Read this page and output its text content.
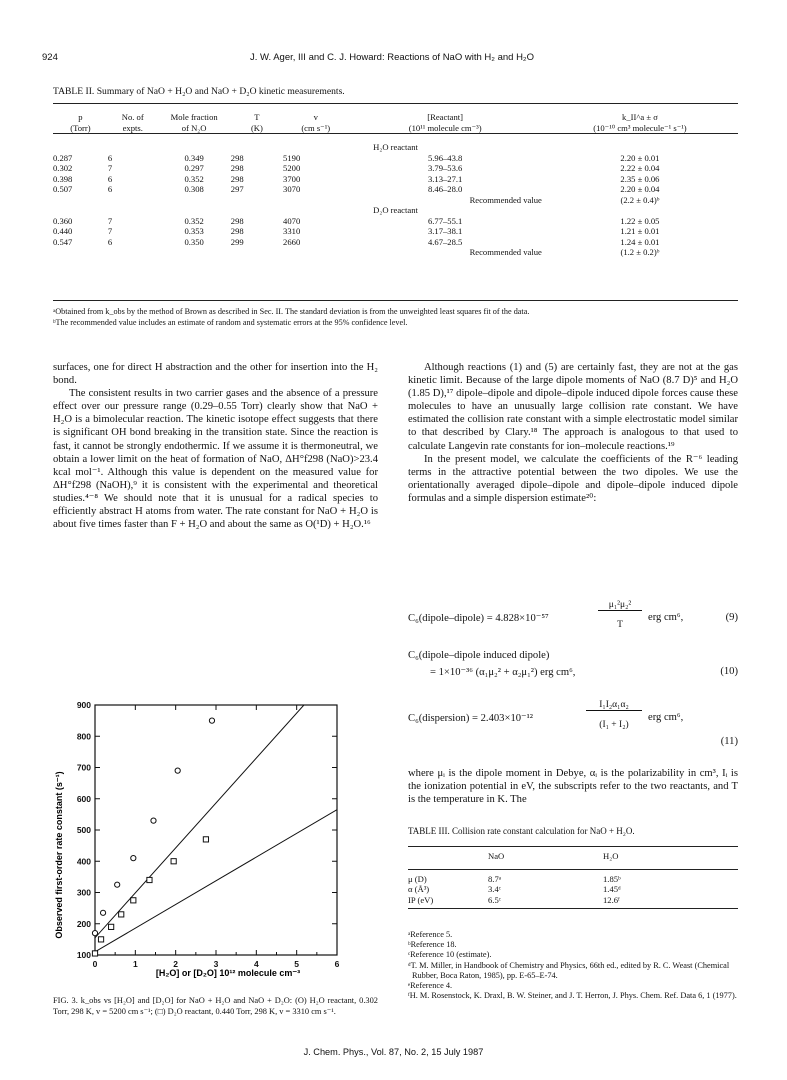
924	J. W. Ager, III and C. J. Howard: Reactions of NaO with H₂ and H₂O
TABLE II. Summary of NaO + H₂O and NaO + D₂O kinetic measurements.
p	No. of	Mole fraction	T	v	[Reactant]	k_II^a ± σ
(Torr)	expts.	of N₂O	(K)	(cm s⁻¹)	(10¹¹ molecule cm⁻³)	(10⁻¹⁰ cm³ molecule⁻¹ s⁻¹)

H₂O reactant						
0.287	6	0.349	298	5190	5.96–43.8	2.20 ± 0.01
0.302	7	0.297	298	5200	3.79–53.6	2.22 ± 0.04
0.398	6	0.352	298	3700	3.13–27.1	2.35 ± 0.06
0.507	6	0.308	297	3070	8.46–28.0	2.20 ± 0.04
					Recommended value	(2.2 ± 0.4)ᵇ
D₂O reactant						
0.360	7	0.352	298	4070	6.77–55.1	1.22 ± 0.05
0.440	7	0.353	298	3310	3.17–38.1	1.21 ± 0.01
0.547	6	0.350	299	2660	4.67–28.5	1.24 ± 0.01
					Recommended value	(1.2 ± 0.2)ᵇ
ᵃObtained from k_obs by the method of Brown as described in Sec. II. The standard deviation is from the unweighted least squares fit of the data.
ᵇThe recommended value includes an estimate of random and systematic errors at the 95% confidence level.

surfaces, one for direct H abstraction and the other for insertion into the H₂ bond.

The consistent results in two carrier gases and the absence of a pressure effect over our pressure range (0.29–0.55 Torr) clearly show that NaO + H₂O is a bimolecular reaction. The kinetic isotope effect suggests that there is significant OH bond breaking in the transition state. Since the reaction is fast, it cannot be strongly endothermic. If we assume it is thermoneutral, we obtain a lower limit on the heat of formation of NaO, ΔH°f298 (NaO)>23.4 kcal mol⁻¹. Although this value is dependent on the measured value for ΔH°f298 (NaOH),⁹ it is consistent with the experimental and theoretical studies.⁴⁻⁸ We should note that it is unusual for a radical species to efficiently abstract H atoms from water. The rate constant for NaO + H₂O is about five times faster than F + H₂O and about the same as O(¹D) + H₂O.¹⁶

Observed first-order rate constant (s⁻¹)
[H₂O] or [D₂O] 10¹² molecule cm⁻³
0	1	2	3	4	5	6
100
200
300
400
500
600
700
800
900
FIG. 3. k_obs vs [H₂O] and [D₂O] for NaO + H₂O and NaO + D₂O: (O) H₂O reactant, 0.302 Torr, 298 K, v = 5200 cm s⁻¹; (□) D₂O reactant, 0.440 Torr, 298 K, v = 3310 cm s⁻¹.

Although reactions (1) and (5) are certainly fast, they are not at the gas kinetic limit. Because of the large dipole moments of NaO (8.7 D)⁵ and H₂O (1.85 D),¹⁷ dipole–dipole and dipole–dipole induced dipole forces cause these molecules to have an unusually large collision rate constant. We have estimated the collision rate constant with a simple electrostatic model similar to that described by Clary.¹⁸ The approach is analogous to that used to calculate Langevin rate constants for ion–molecule reactions.¹⁹

In the present model, we calculate the coefficients of the R⁻⁶ leading terms in the attractive potential between the two dipoles. We use the orientationally averaged dipole–dipole and dipole–dipole induced dipole formulas and a simple dispersion estimate²⁰:

C₆(dipole–dipole) = 4.828×10⁻⁵⁷
μ₁²μ₂²
T
erg cm⁶,	(9)
C₆(dipole–dipole induced dipole)
= 1×10⁻³⁶ (α₁μ₂² + α₂μ₁²) erg cm⁶,	(10)
C₆(dispersion) = 2.403×10⁻¹²
I₁I₂α₁α₂
(I₁ + I₂)
erg cm⁶,
(11)

where μᵢ is the dipole moment in Debye, αᵢ is the polarizability in cm³, Iᵢ is the ionization potential in eV, the subscripts refer to the two reactants, and T is the temperature in K. The

TABLE III. Collision rate constant calculation for NaO + H₂O.
	NaO	H₂O

μ (D)	8.7ᵃ	1.85ᵇ
α (Å³)	3.4ᶜ	1.45ᵈ
IP (eV)	6.5ᶜ	12.6ᶠ

ᵃReference 5.
ᵇReference 18.
ᶜReference 10 (estimate).
ᵈT. M. Miller, in Handbook of Chemistry and Physics, 66th ed., edited by R. C. Weast (Chemical Rubber, Boca Raton, 1985), pp. E-65–E-74.
ᵉReference 4.
ᶠH. M. Rosenstock, K. Draxl, B. W. Steiner, and J. T. Herron, J. Phys. Chem. Ref. Data 6, 1 (1977).
J. Chem. Phys., Vol. 87, No. 2, 15 July 1987
